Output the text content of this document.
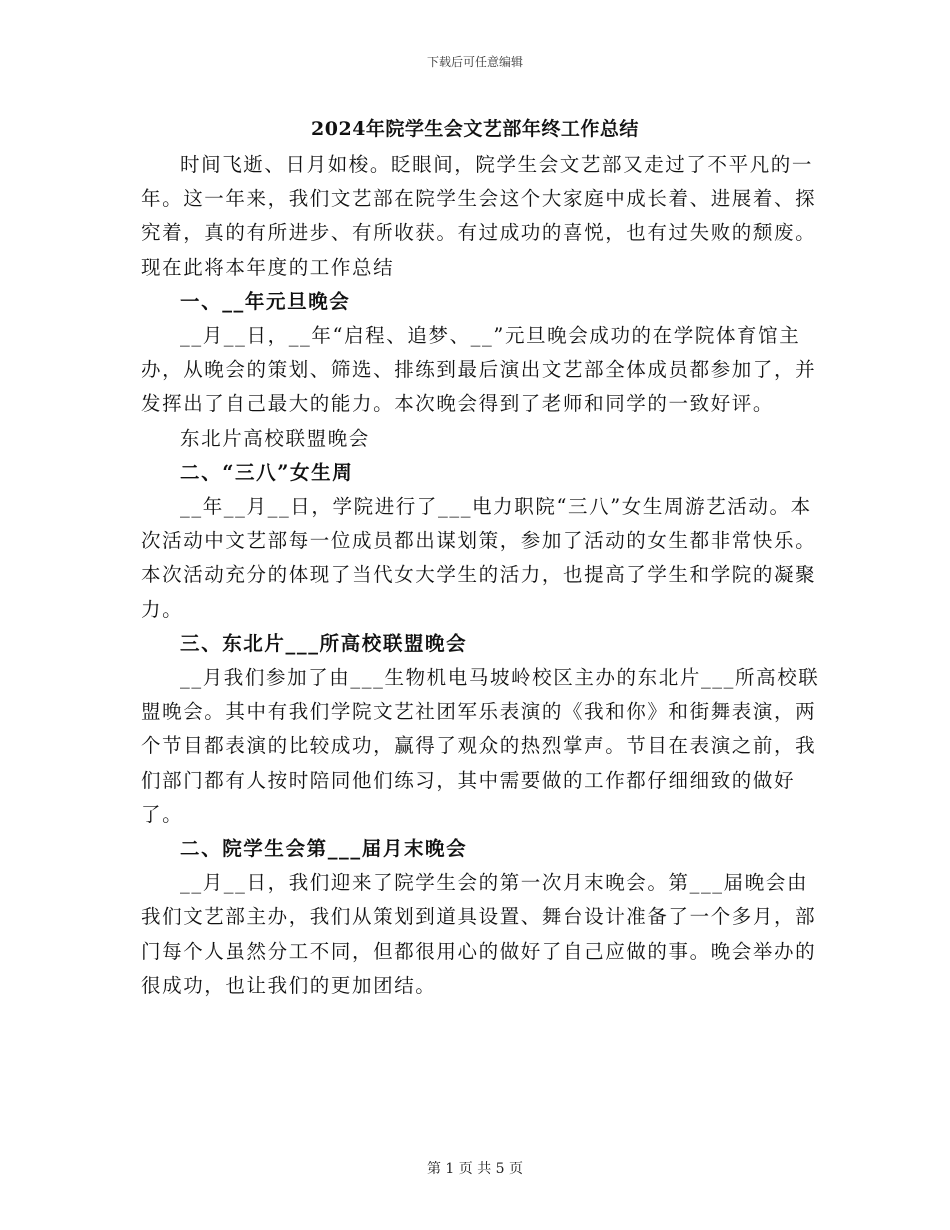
下载后可任意编辑
2024年院学生会文艺部年终工作总结

时间飞逝、日月如梭。眨眼间，院学生会文艺部又走过了不平凡的一年。这一年来，我们文艺部在院学生会这个大家庭中成长着、进展着、探究着，真的有所进步、有所收获。有过成功的喜悦，也有过失败的颓废。现在此将本年度的工作总结

一、__年元旦晚会

__月__日，__年“启程、追梦、__”元旦晚会成功的在学院体育馆主办，从晚会的策划、筛选、排练到最后演出文艺部全体成员都参加了，并发挥出了自己最大的能力。本次晚会得到了老师和同学的一致好评。

东北片高校联盟晚会

二、“三八”女生周

__年__月__日，学院进行了___电力职院“三八”女生周游艺活动。本次活动中文艺部每一位成员都出谋划策，参加了活动的女生都非常快乐。本次活动充分的体现了当代女大学生的活力，也提高了学生和学院的凝聚力。

三、东北片___所高校联盟晚会

__月我们参加了由___生物机电马坡岭校区主办的东北片___所高校联盟晚会。其中有我们学院文艺社团军乐表演的《我和你》和街舞表演，两个节目都表演的比较成功，赢得了观众的热烈掌声。节目在表演之前，我们部门都有人按时陪同他们练习，其中需要做的工作都仔细细致的做好了。

二、院学生会第___届月末晚会

__月__日，我们迎来了院学生会的第一次月末晚会。第___届晚会由我们文艺部主办，我们从策划到道具设置、舞台设计准备了一个多月，部门每个人虽然分工不同，但都很用心的做好了自己应做的事。晚会举办的很成功，也让我们的更加团结。

第 1 页 共 5 页
